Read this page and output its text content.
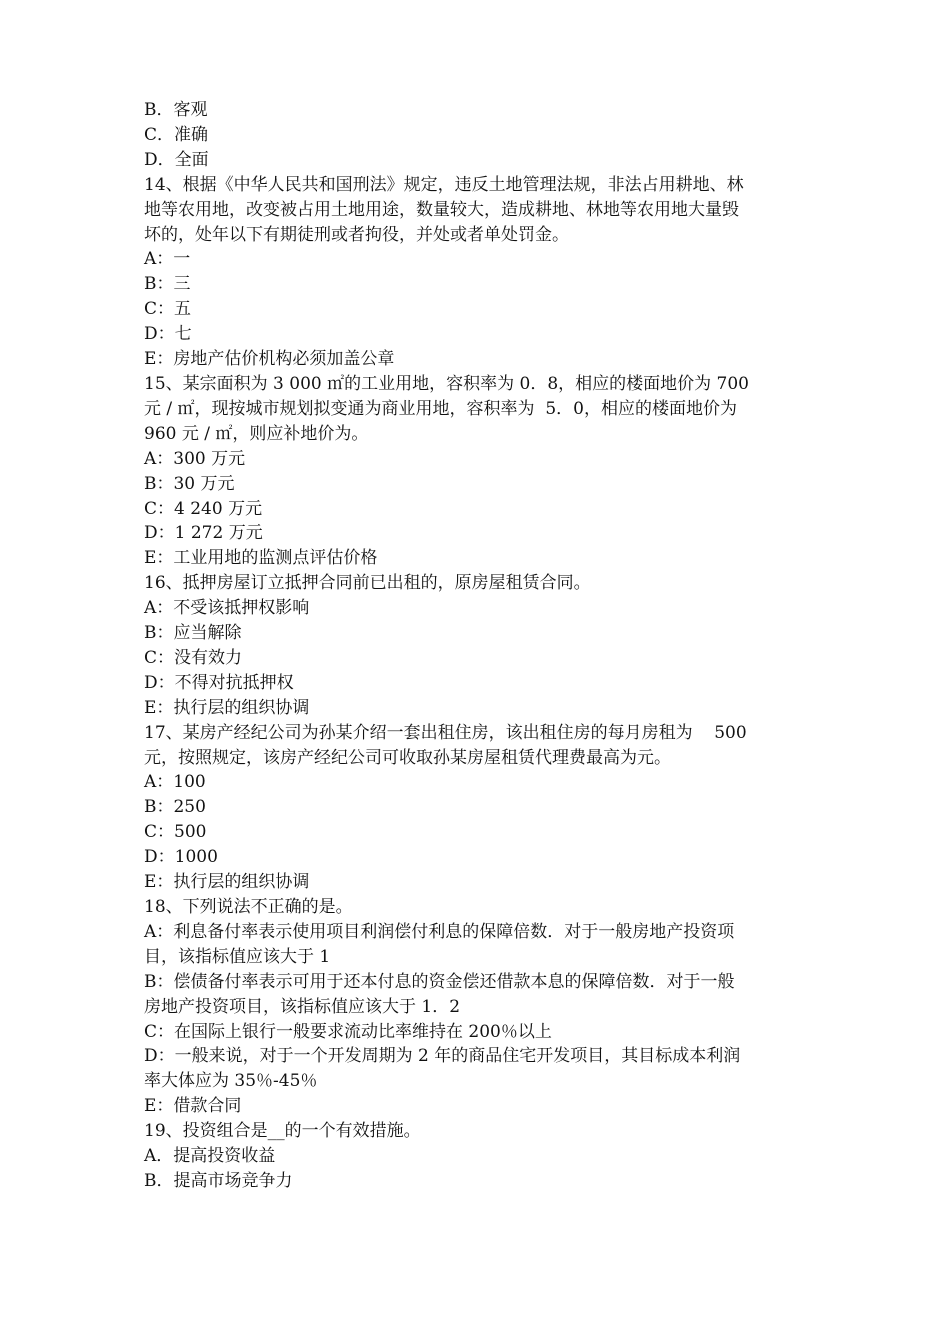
B．客观
C．准确
D．全面
14、根据《中华人民共和国刑法》规定，违反土地管理法规，非法占用耕地、林
地等农用地，改变被占用土地用途，数量较大，造成耕地、林地等农用地大量毁
坏的，处年以下有期徒刑或者拘役，并处或者单处罚金。
A：一
B：三
C：五
D：七
E：房地产估价机构必须加盖公章
15、某宗面积为 3 000 ㎡的工业用地，容积率为 0．8，相应的楼面地价为 700
元 / ㎡，现按城市规划拟变通为商业用地，容积率为  5．0，相应的楼面地价为
960 元 / ㎡，则应补地价为。
A：300 万元
B：30 万元
C：4 240 万元
D：1 272 万元
E：工业用地的监测点评估价格
16、抵押房屋订立抵押合同前已出租的，原房屋租赁合同。
A：不受该抵押权影响
B：应当解除
C：没有效力
D：不得对抗抵押权
E：执行层的组织协调
17、某房产经纪公司为孙某介绍一套出租住房，该出租住房的每月房租为    500
元，按照规定，该房产经纪公司可收取孙某房屋租赁代理费最高为元。
A：100
B：250
C：500
D：1000
E：执行层的组织协调
18、下列说法不正确的是。
A：利息备付率表示使用项目利润偿付利息的保障倍数．对于一般房地产投资项
目，该指标值应该大于 1
B：偿债备付率表示可用于还本付息的资金偿还借款本息的保障倍数．对于一般
房地产投资项目，该指标值应该大于 1．2
C：在国际上银行一般要求流动比率维持在 200％以上
D：一般来说，对于一个开发周期为 2 年的商品住宅开发项目，其目标成本利润
率大体应为 35％-45％
E：借款合同
19、投资组合是__的一个有效措施。
A．提高投资收益
B．提高市场竞争力
